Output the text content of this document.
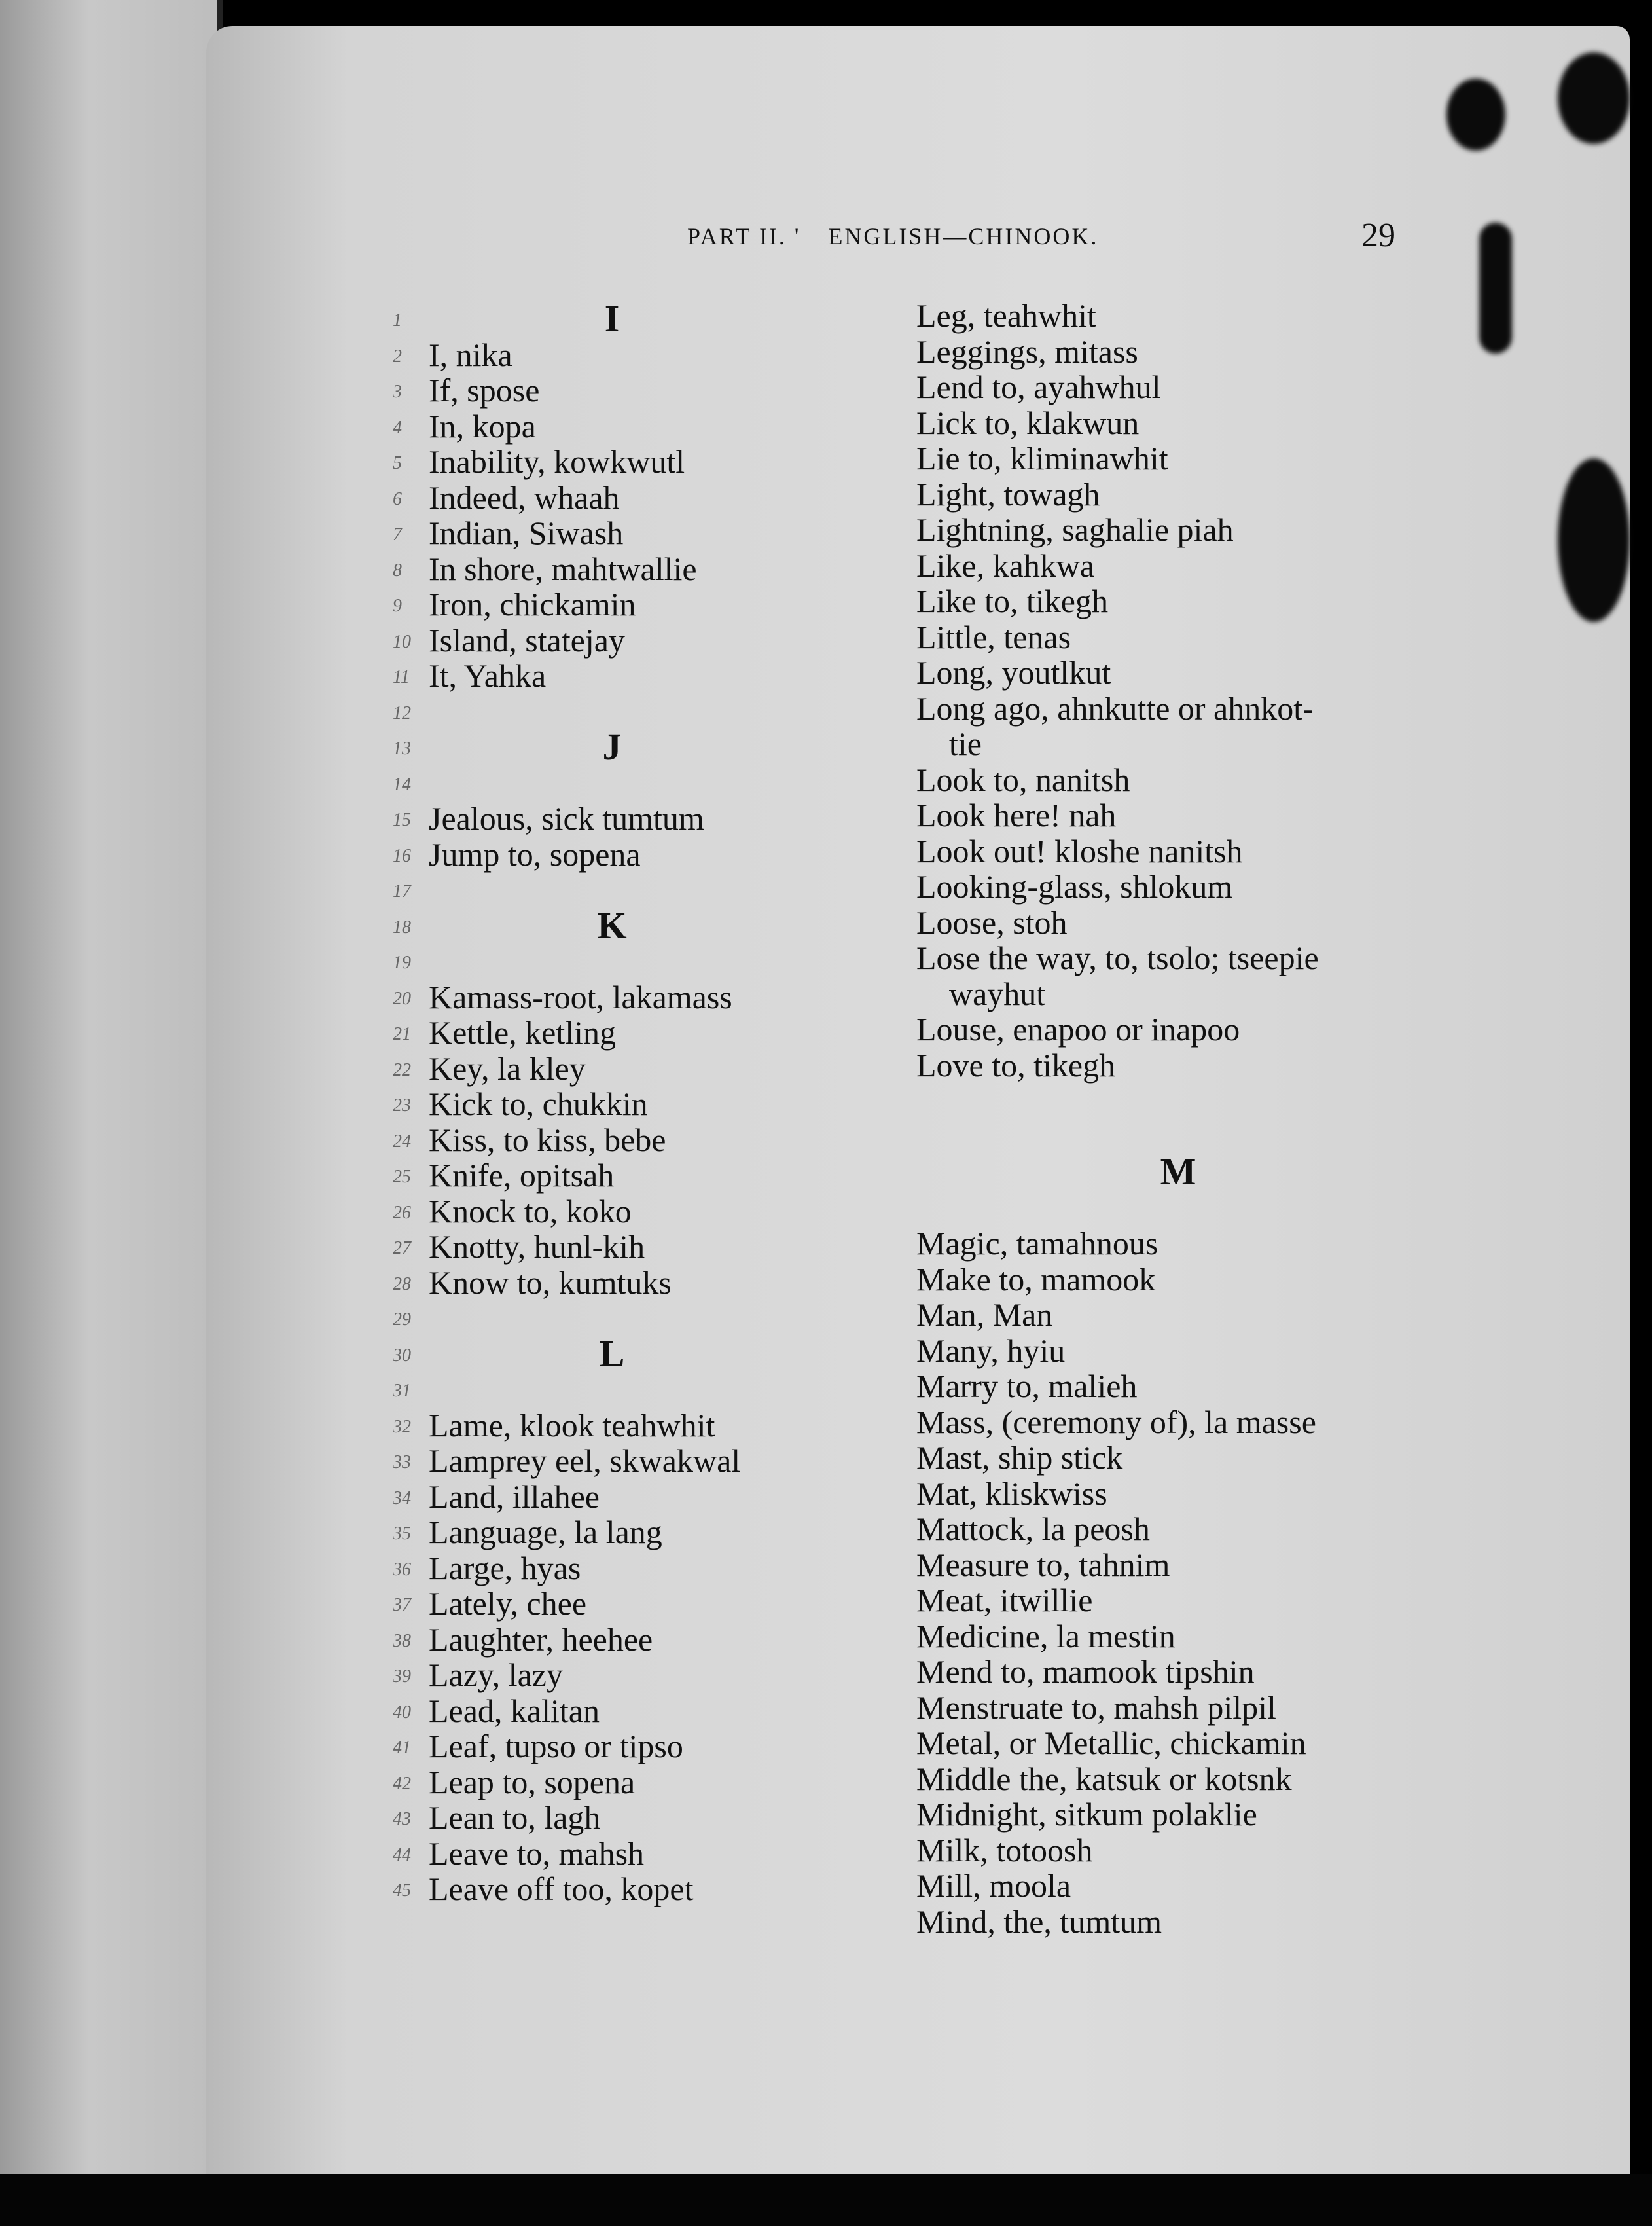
PART II. ' ENGLISH—CHINOOK.	29
I
I, nika
If, spose
In, kopa
Inability, kowkwutl
Indeed, whaah
Indian, Siwash
In shore, mahtwallie
Iron, chickamin
Island, statejay
It, Yahka
J
Jealous, sick tumtum
Jump to, sopena
K
Kamass-root, lakamass
Kettle, ketling
Key, la kley
Kick to, chukkin
Kiss, to kiss, bebe
Knife, opitsah
Knock to, koko
Knotty, hunl-kih
Know to, kumtuks
L
Lame, klook teahwhit
Lamprey eel, skwakwal
Land, illahee
Language, la lang
Large, hyas
Lately, chee
Laughter, heehee
Lazy, lazy
Lead, kalitan
Leaf, tupso or tipso
Leap to, sopena
Lean to, lagh
Leave to, mahsh
Leave off too, kopet
Leg, teahwhit
Leggings, mitass
Lend to, ayahwhul
Lick to, klakwun
Lie to, kliminawhit
Light, towagh
Lightning, saghalie piah
Like, kahkwa
Like to, tikegh
Little, tenas
Long, youtlkut
Long ago, ahnkutte or ahnkot-
tie
Look to, nanitsh
Look here! nah
Look out! kloshe nanitsh
Looking-glass, shlokum
Loose, stoh
Lose the way, to, tsolo; tseepie
wayhut
Louse, enapoo or inapoo
Love to, tikegh
M
Magic, tamahnous
Make to, mamook
Man, Man
Many, hyiu
Marry to, malieh
Mass, (ceremony of), la masse
Mast, ship stick
Mat, kliskwiss
Mattock, la peosh
Measure to, tahnim
Meat, itwillie
Medicine, la mestin
Mend to, mamook tipshin
Menstruate to, mahsh pilpil
Metal, or Metallic, chickamin
Middle the, katsuk or kotsnk
Midnight, sitkum polaklie
Milk, totoosh
Mill, moola
Mind, the, tumtum
1
2
3
4
5
6
7
8
9
10
11
12
13
14
15
16
17
18
19
20
21
22
23
24
25
26
27
28
29
30
31
32
33
34
35
36
37
38
39
40
41
42
43
44
45
